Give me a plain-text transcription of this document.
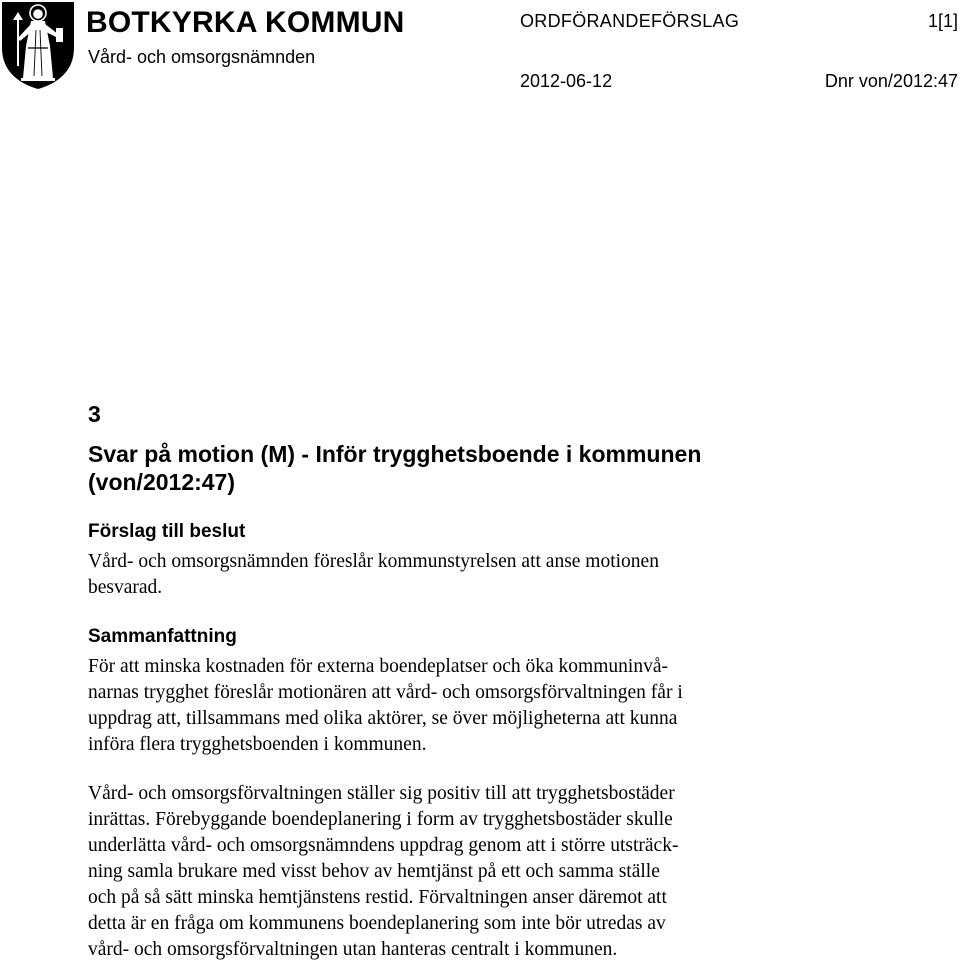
BOTKYRKA KOMMUN
Vård- och omsorgsnämnden
ORDFÖRANDEFÖRSLAG	1[1]
2012-06-12	Dnr von/2012:47
3
Svar på motion (M) - Inför trygghetsboende i kommunen
(von/2012:47)
Förslag till beslut

Vård- och omsorgsnämnden föreslår kommunstyrelsen att anse motionen
besvarad.

Sammanfattning

För att minska kostnaden för externa boendeplatser och öka kommuninvå-
narnas trygghet föreslår motionären att vård- och omsorgsförvaltningen får i
uppdrag att, tillsammans med olika aktörer, se över möjligheterna att kunna
införa flera trygghetsboenden i kommunen.

Vård- och omsorgsförvaltningen ställer sig positiv till att trygghetsbostäder
inrättas. Förebyggande boendeplanering i form av trygghetsbostäder skulle
underlätta vård- och omsorgsnämndens uppdrag genom att i större utsträck-
ning samla brukare med visst behov av hemtjänst på ett och samma ställe
och på så sätt minska hemtjänstens restid. Förvaltningen anser däremot att
detta är en fråga om kommunens boendeplanering som inte bör utredas av
vård- och omsorgsförvaltningen utan hanteras centralt i kommunen.
